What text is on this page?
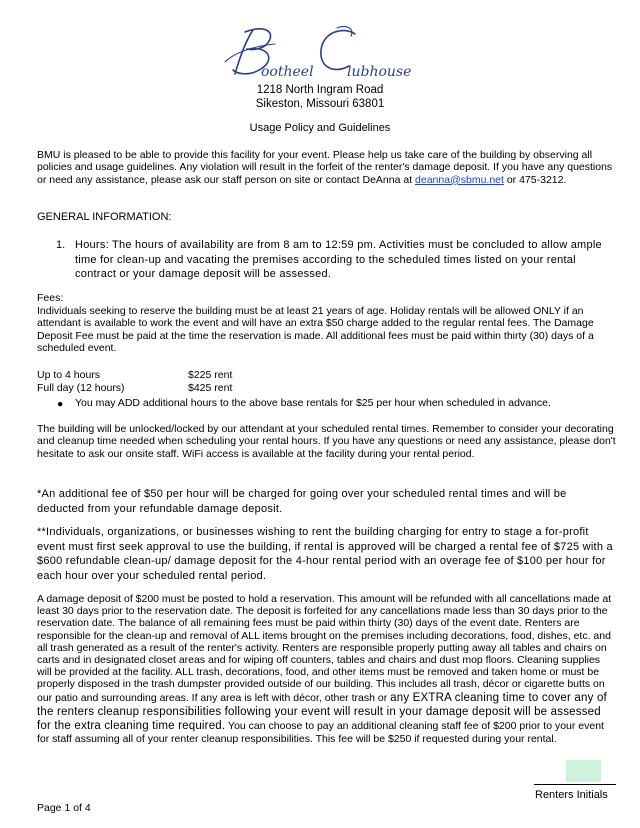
ootheel lubhouse
1218 North Ingram Road
Sikeston, Missouri 63801
Usage Policy and Guidelines
BMU is pleased to be able to provide this facility for your event. Please help us take care of the building by observing all policies and usage guidelines. Any violation will result in the forfeit of the renter's damage deposit. If you have any questions or need any assistance, please ask our staff person on site or contact DeAnna at deanna@sbmu.net or 475-3212.
GENERAL INFORMATION:
1. Hours: The hours of availability are from 8 am to 12:59 pm. Activities must be concluded to allow ample time for clean-up and vacating the premises according to the scheduled times listed on your rental contract or your damage deposit will be assessed.
Fees:
Individuals seeking to reserve the building must be at least 21 years of age. Holiday rentals will be allowed ONLY if an attendant is available to work the event and will have an extra $50 charge added to the regular rental fees. The Damage Deposit Fee must be paid at the time the reservation is made. All additional fees must be paid within thirty (30) days of a scheduled event.
Up to 4 hours	$225 rent
Full day (12 hours)	$425 rent
● You may ADD additional hours to the above base rentals for $25 per hour when scheduled in advance.
The building will be unlocked/locked by our attendant at your scheduled rental times. Remember to consider your decorating and cleanup time needed when scheduling your rental hours. If you have any questions or need any assistance, please don't hesitate to ask our onsite staff. WiFi access is available at the facility during your rental period.
*An additional fee of $50 per hour will be charged for going over your scheduled rental times and will be deducted from your refundable damage deposit.
**Individuals, organizations, or businesses wishing to rent the building charging for entry to stage a for-profit event must first seek approval to use the building, if rental is approved will be charged a rental fee of $725 with a $600 refundable clean-up/ damage deposit for the 4-hour rental period with an overage fee of $100 per hour for each hour over your scheduled rental period.
A damage deposit of $200 must be posted to hold a reservation. This amount will be refunded with all cancellations made at least 30 days prior to the reservation date. The deposit is forfeited for any cancellations made less than 30 days prior to the reservation date. The balance of all remaining fees must be paid within thirty (30) days of the event date. Renters are responsible for the clean-up and removal of ALL items brought on the premises including decorations, food, dishes, etc. and all trash generated as a result of the renter's activity. Renters are responsible properly putting away all tables and chairs on carts and in designated closet areas and for wiping off counters, tables and chairs and dust mop floors. Cleaning supplies will be provided at the facility. ALL trash, decorations, food, and other items must be removed and taken home or must be properly disposed in the trash dumpster provided outside of our building. This includes all trash, décor or cigarette butts on our patio and surrounding areas. If any area is left with décor, other trash or any EXTRA cleaning time to cover any of the renters cleanup responsibilities following your event will result in your damage deposit will be assessed for the extra cleaning time required. You can choose to pay an additional cleaning staff fee of $200 prior to your event for staff assuming all of your renter cleanup responsibilities. This fee will be $250 if requested during your rental.
Renters Initials
Page 1 of 4
